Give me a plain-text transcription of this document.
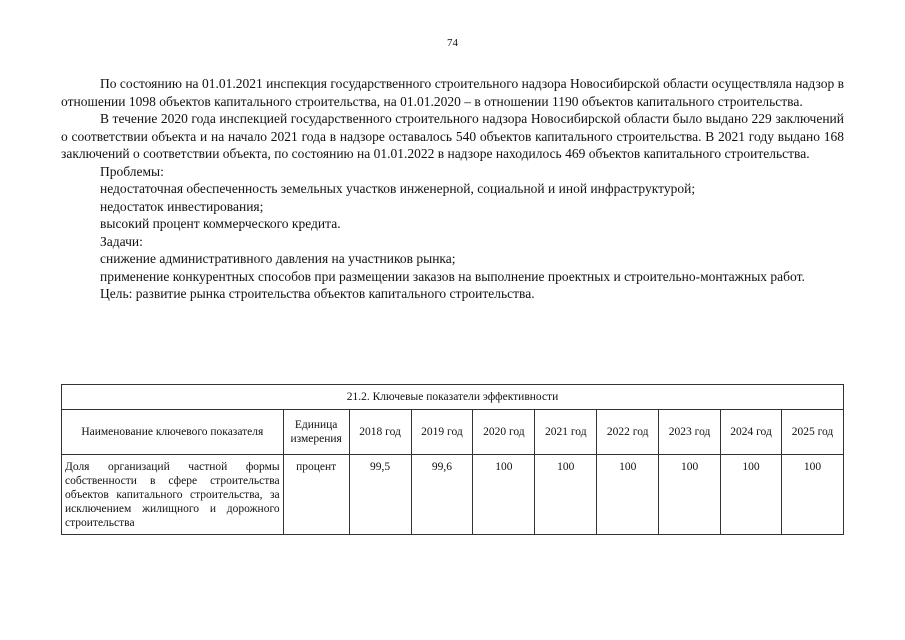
74

По состоянию на 01.01.2021 инспекция государственного строительного надзора Новосибирской области осуществляла надзор в отношении 1098 объектов капитального строительства, на 01.01.2020 – в отношении 1190 объектов капитального строительства.

В течение 2020 года инспекцией государственного строительного надзора Новосибирской области было выдано 229 заключений о соответствии объекта и на начало 2021 года в надзоре оставалось 540 объектов капитального строительства. В 2021 году выдано 168 заключений о соответствии объекта, по состоянию на 01.01.2022 в надзоре находилось 469 объектов капитального строительства.

Проблемы:

недостаточная обеспеченность земельных участков инженерной, социальной и иной инфраструктурой;

недостаток инвестирования;

высокий процент коммерческого кредита.

Задачи:

снижение административного давления на участников рынка;

применение конкурентных способов при размещении заказов на выполнение проектных и строительно-монтажных работ.

Цель: развитие рынка строительства объектов капитального строительства.

21.2. Ключевые показатели эффективности									
Наименование ключевого показателя	Единица измерения	2018 год	2019 год	2020 год	2021 год	2022 год	2023 год	2024 год	2025 год
Доля организаций частной формы собственности в сфере строительства объектов капитального строительства, за исключением жилищного и дорожного строительства	процент	99,5	99,6	100	100	100	100	100	100
